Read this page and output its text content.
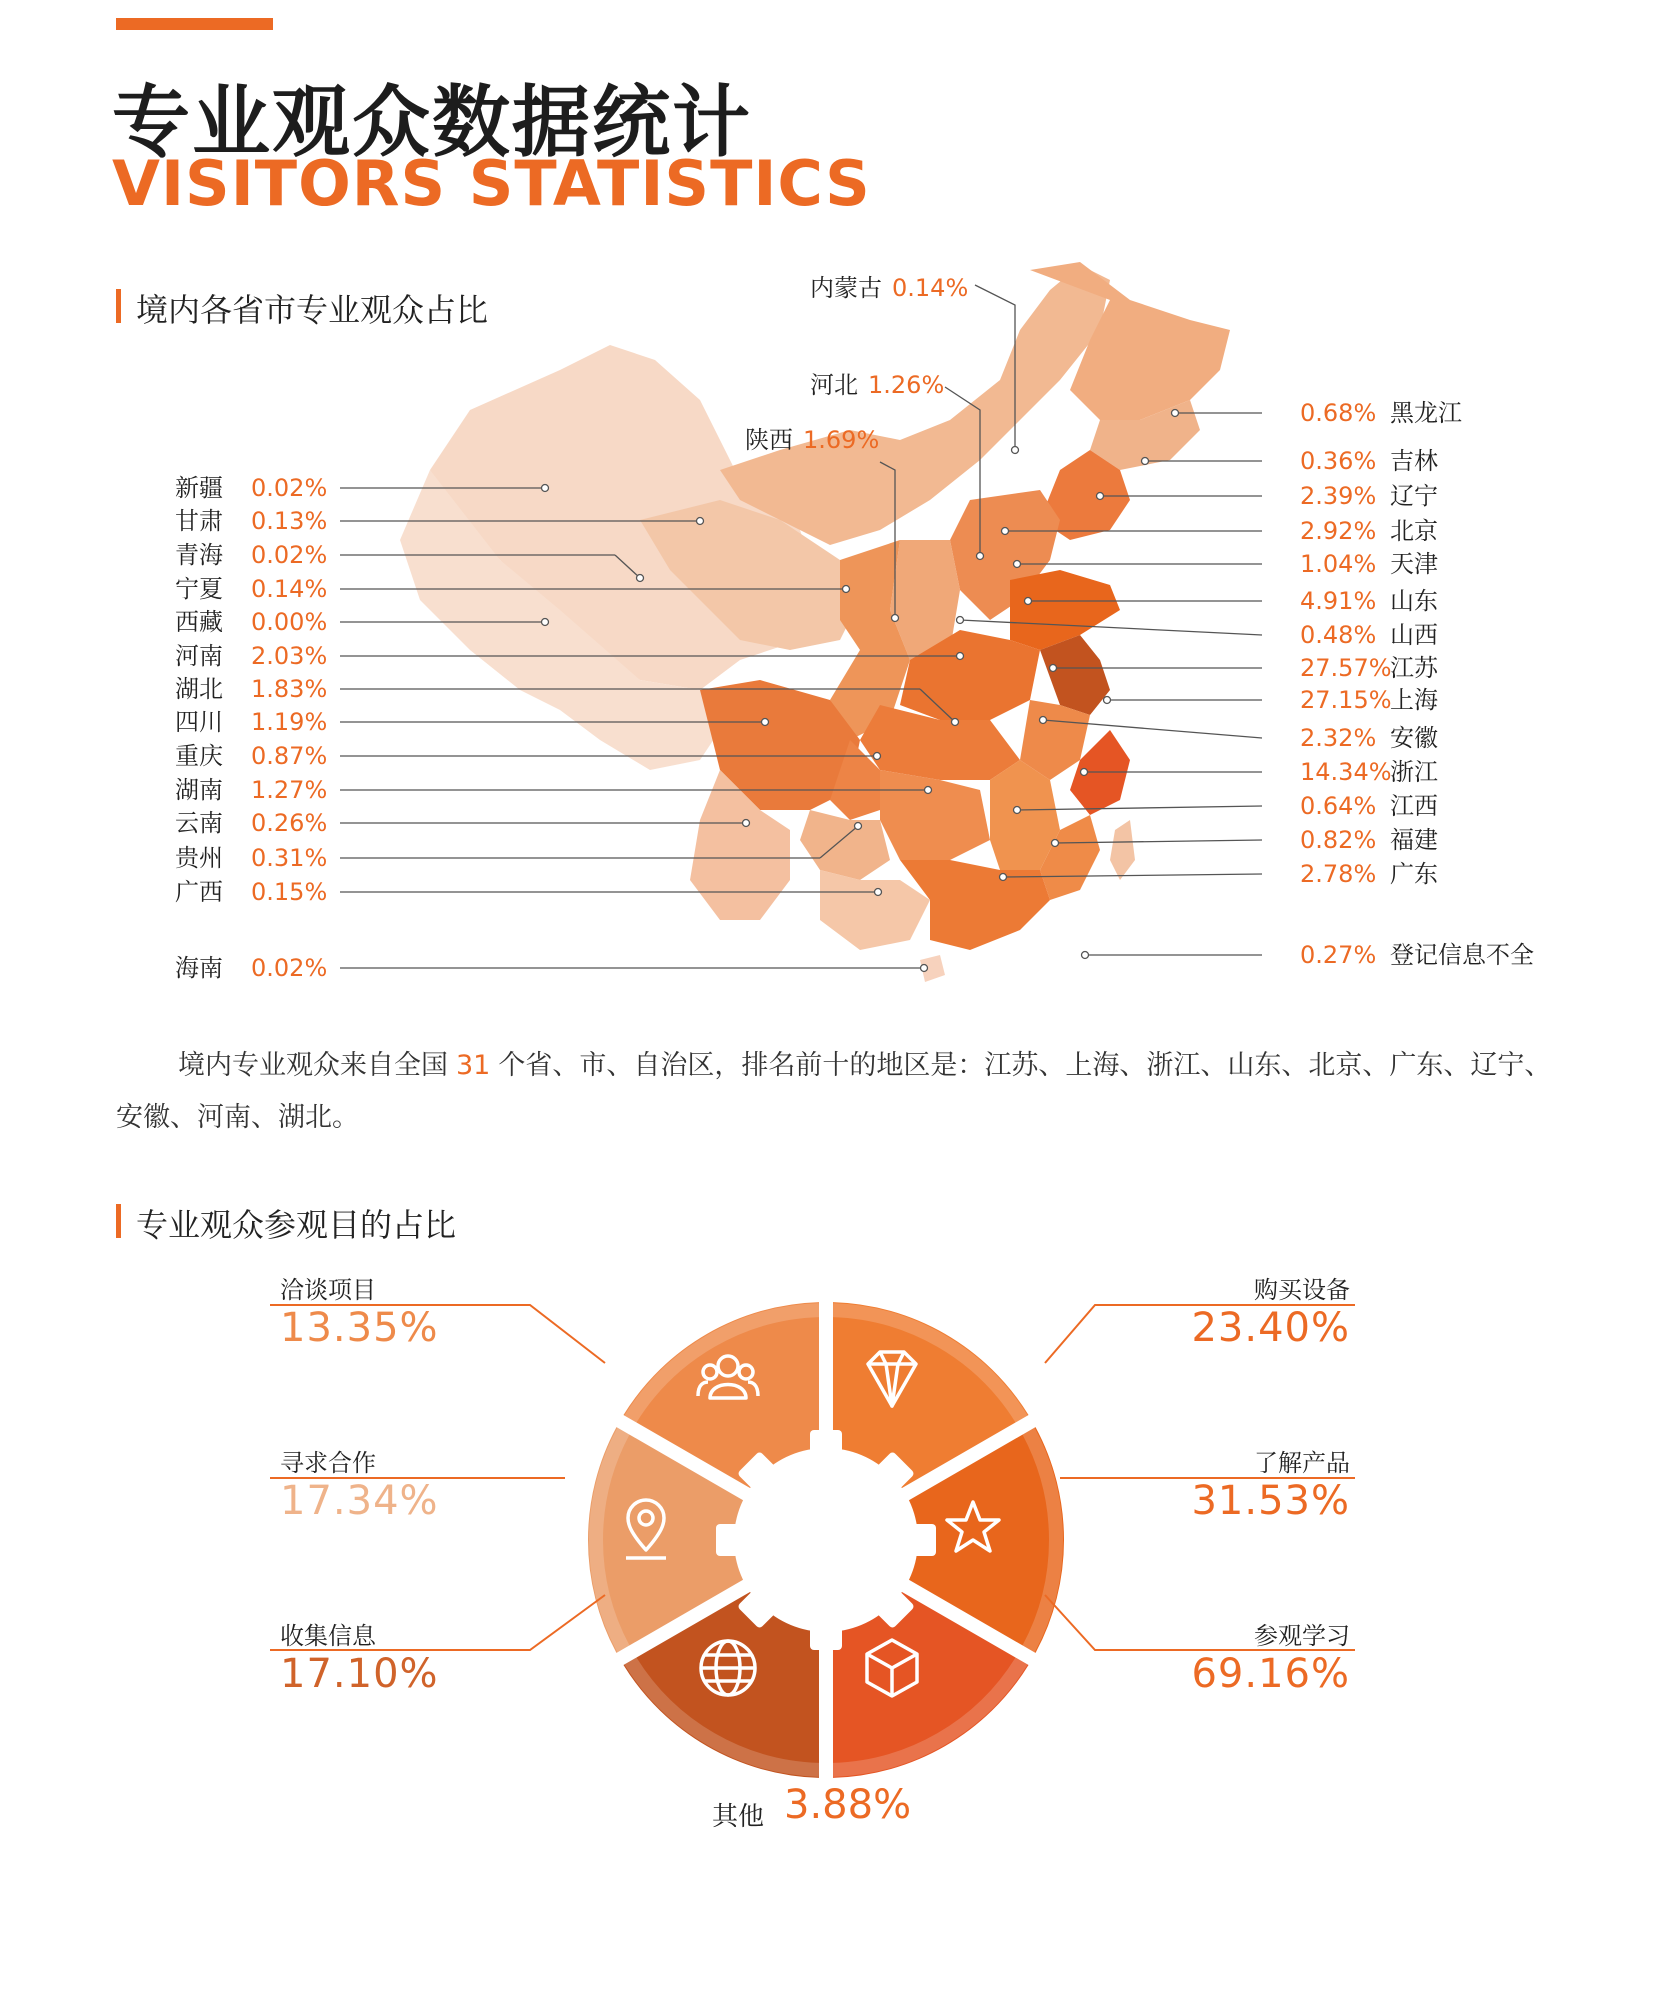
专业观众数据统计
VISITORS STATISTICS
境内各省市专业观众占比
内蒙古 0.14%
河北 1.26%
陕西 1.69%
新疆 0.02%
甘肃 0.13%
青海 0.02%
宁夏 0.14%
西藏 0.00%
河南 2.03%
湖北 1.83%
四川 1.19%
重庆 0.87%
湖南 1.27%
云南 0.26%
贵州 0.31%
广西 0.15%
海南 0.02%
0.68% 黑龙江
0.36% 吉林
2.39% 辽宁
2.92% 北京
1.04% 天津
4.91% 山东
0.48% 山西
27.57%江苏
27.15%上海
2.32% 安徽
14.34%浙江
0.64% 江西
0.82% 福建
2.78% 广东
0.27% 登记信息不全
境内专业观众来自全国 31 个省、市、自治区，排名前十的地区是：江苏、上海、浙江、山东、北京、广东、辽宁、安徽、河南、湖北。
专业观众参观目的占比
洽谈项目
13.35%
寻求合作
17.34%
收集信息
17.10%
购买设备
23.40%
了解产品
31.53%
参观学习
69.16%
其他 3.88%
